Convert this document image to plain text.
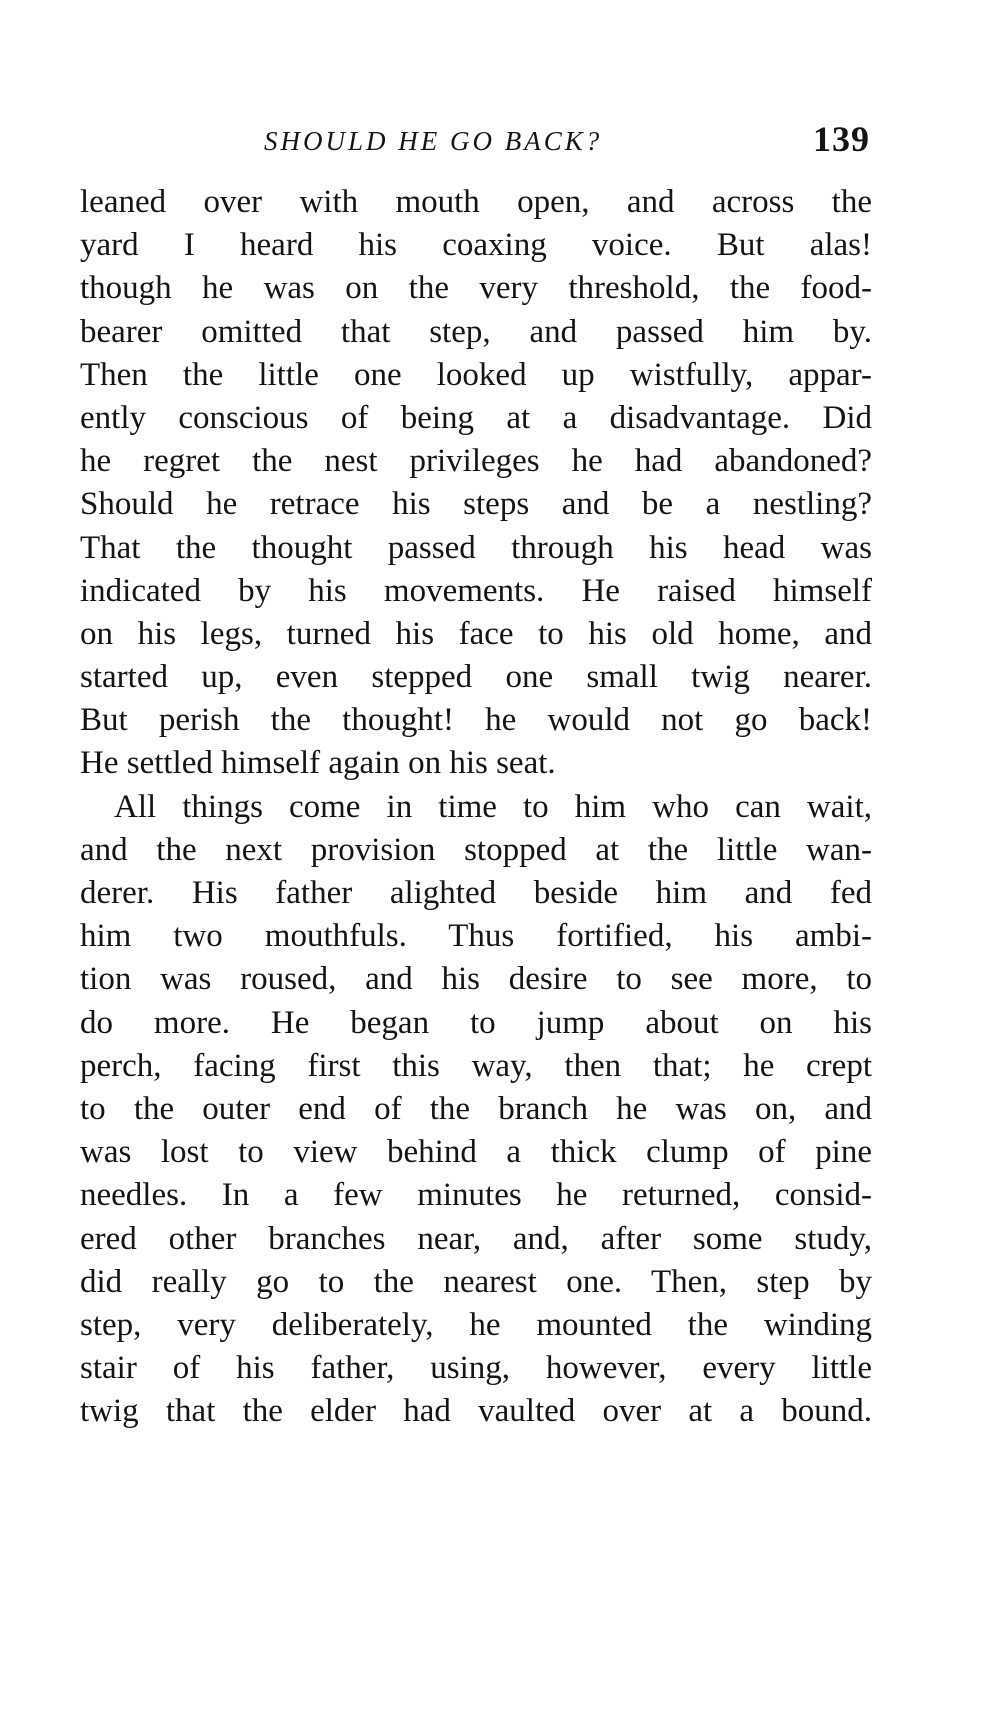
SHOULD HE GO BACK?	139
leaned over with mouth open, and across the
yard I heard his coaxing voice. But alas!
though he was on the very threshold, the food-
bearer omitted that step, and passed him by.
Then the little one looked up wistfully, appar-
ently conscious of being at a disadvantage. Did
he regret the nest privileges he had abandoned?
Should he retrace his steps and be a nestling?
That the thought passed through his head was
indicated by his movements. He raised himself
on his legs, turned his face to his old home, and
started up, even stepped one small twig nearer.
But perish the thought! he would not go back!
He settled himself again on his seat.
All things come in time to him who can wait,
and the next provision stopped at the little wan-
derer. His father alighted beside him and fed
him two mouthfuls. Thus fortified, his ambi-
tion was roused, and his desire to see more, to
do more. He began to jump about on his
perch, facing first this way, then that; he crept
to the outer end of the branch he was on, and
was lost to view behind a thick clump of pine
needles. In a few minutes he returned, consid-
ered other branches near, and, after some study,
did really go to the nearest one. Then, step by
step, very deliberately, he mounted the winding
stair of his father, using, however, every little
twig that the elder had vaulted over at a bound.
